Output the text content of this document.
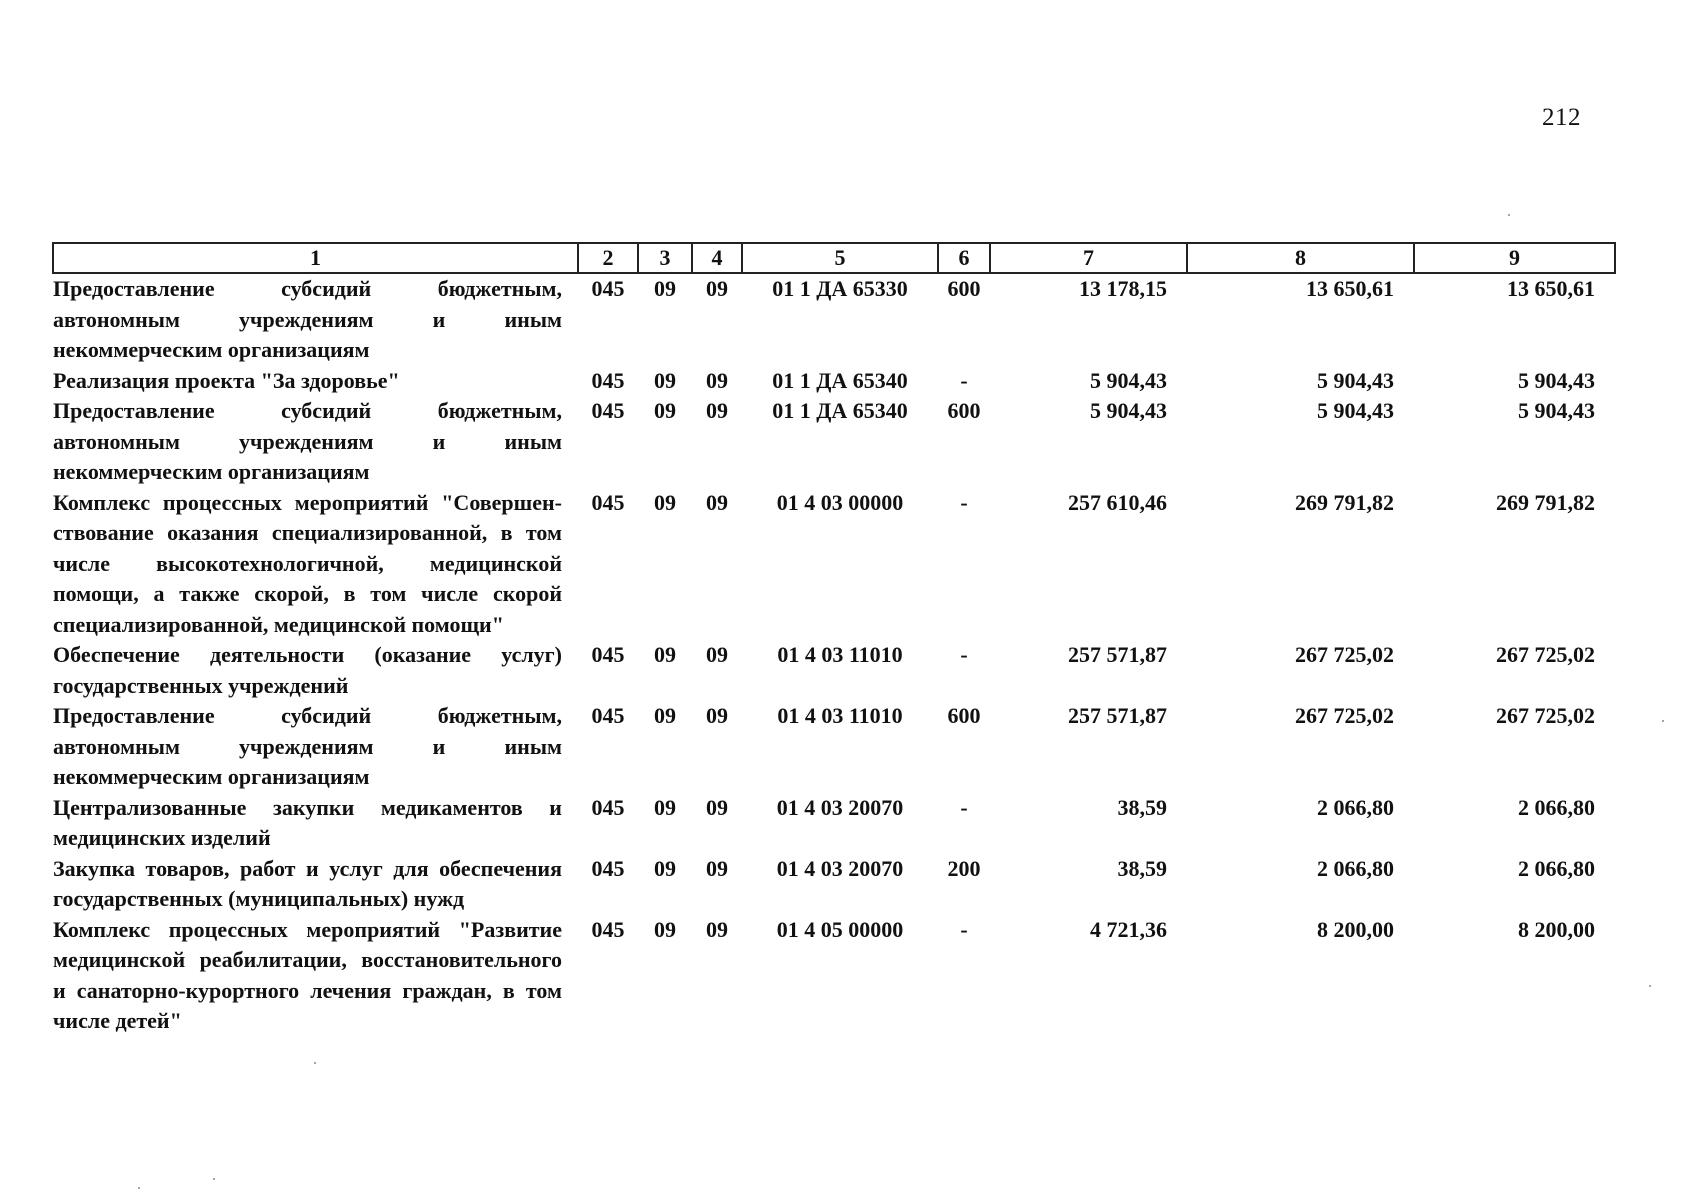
212
1	2	3	4	5	6	7	8	9
Предоставление субсидий бюджетным, автономным учреждениям и иным некоммерческим организациям	045	09	09	01 1 ДА 65330	600	13 178,15	13 650,61	13 650,61
Реализация проекта "За здоровье"	045	09	09	01 1 ДА 65340	-	5 904,43	5 904,43	5 904,43
Предоставление субсидий бюджетным, автономным учреждениям и иным некоммерческим организациям	045	09	09	01 1 ДА 65340	600	5 904,43	5 904,43	5 904,43
Комплекс процессных мероприятий "Совершен-ствование оказания специализированной, в том числе высокотехнологичной, медицинской помощи, а также скорой, в том числе скорой специализированной, медицинской помощи"	045	09	09	01 4 03 00000	-	257 610,46	269 791,82	269 791,82
Обеспечение деятельности (оказание услуг) государственных учреждений	045	09	09	01 4 03 11010	-	257 571,87	267 725,02	267 725,02
Предоставление субсидий бюджетным, автономным учреждениям и иным некоммерческим организациям	045	09	09	01 4 03 11010	600	257 571,87	267 725,02	267 725,02
Централизованные закупки медикаментов и медицинских изделий	045	09	09	01 4 03 20070	-	38,59	2 066,80	2 066,80
Закупка товаров, работ и услуг для обеспечения государственных (муниципальных) нужд	045	09	09	01 4 03 20070	200	38,59	2 066,80	2 066,80
Комплекс процессных мероприятий "Развитие медицинской реабилитации, восстановительного и санаторно-курортного лечения граждан, в том числе детей"	045	09	09	01 4 05 00000	-	4 721,36	8 200,00	8 200,00
